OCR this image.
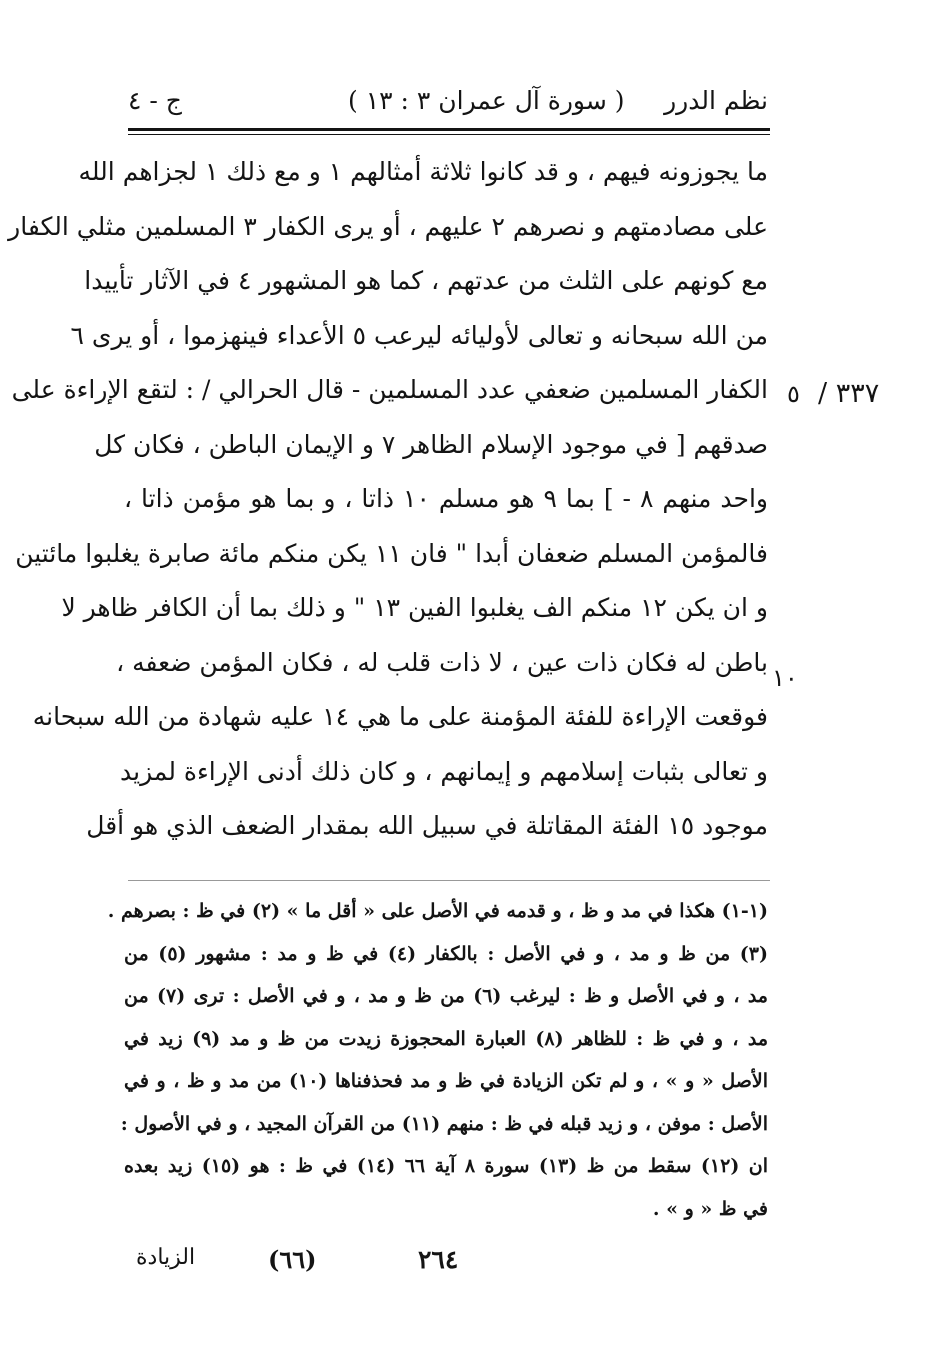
نظم الدرر
( سورة آل عمران ٣ : ١٣ )
ج - ٤
٣٣٧ /
٥
١٠
ما يجوزونه فيهم ، و قد كانوا ثلاثة أمثالهم ١ و مع ذلك ١ لجزاهم الله
على مصادمتهم و نصرهم ٢ عليهم ، أو يرى الكفار ٣ المسلمين مثلي الكفار
مع كونهم على الثلث من عدتهم ، كما هو المشهور ٤ في الآثار تأييدا
من الله سبحانه و تعالى لأوليائه ليرعب ٥ الأعداء فينهزموا ، أو يرى ٦
الكفار المسلمين ضعفي عدد المسلمين - قال الحرالي / : لتقع الإراءة على
صدقهم [ في موجود الإسلام الظاهر ٧ و الإيمان الباطن ، فكان كل
واحد منهم ٨ - ] بما ٩ هو مسلم ١٠ ذاتا ، و بما هو مؤمن ذاتا ،
فالمؤمن المسلم ضعفان أبدا " فان ١١ يكن منكم مائة صابرة يغلبوا مائتين
و ان يكن ١٢ منكم الف يغلبوا الفين ١٣ " و ذلك بما أن الكافر ظاهر لا
باطن له فكان ذات عين ، لا ذات قلب له ، فكان المؤمن ضعفه ،
فوقعت الإراءة للفئة المؤمنة على ما هي ١٤ عليه شهادة من الله سبحانه
و تعالى بثبات إسلامهم و إيمانهم ، و كان ذلك أدنى الإراءة لمزيد
موجود ١٥ الفئة المقاتلة في سبيل الله بمقدار الضعف الذي هو أقل
(١-١) هكذا في مد و ظ ، و قدمه في الأصل على « أقل ما » (٢) في ظ : بصرهم .
(٣) من ظ و مد ، و في الأصل : بالكفار (٤) في ظ و مد : مشهور (٥) من
مد ، و في الأصل و ظ : ليرغب (٦) من ظ و مد ، و في الأصل : ترى (٧) من
مد ، و في ظ : للظاهر (٨) العبارة المحجوزة زيدت من ظ و مد (٩) زيد في
الأصل « و » ، و لم تكن الزيادة في ظ و مد فحذفناها (١٠) من مد و ظ ، و في
الأصل : موفن ، و زيد قبله في ظ : منهم (١١) من القرآن المجيد ، و في الأصول :
ان (١٢) سقط من ظ (١٣) سورة ٨ آية ٦٦ (١٤) في ظ : هو (١٥) زيد بعده
في ظ « و » .
٢٦٤
(٦٦)
الزيادة
